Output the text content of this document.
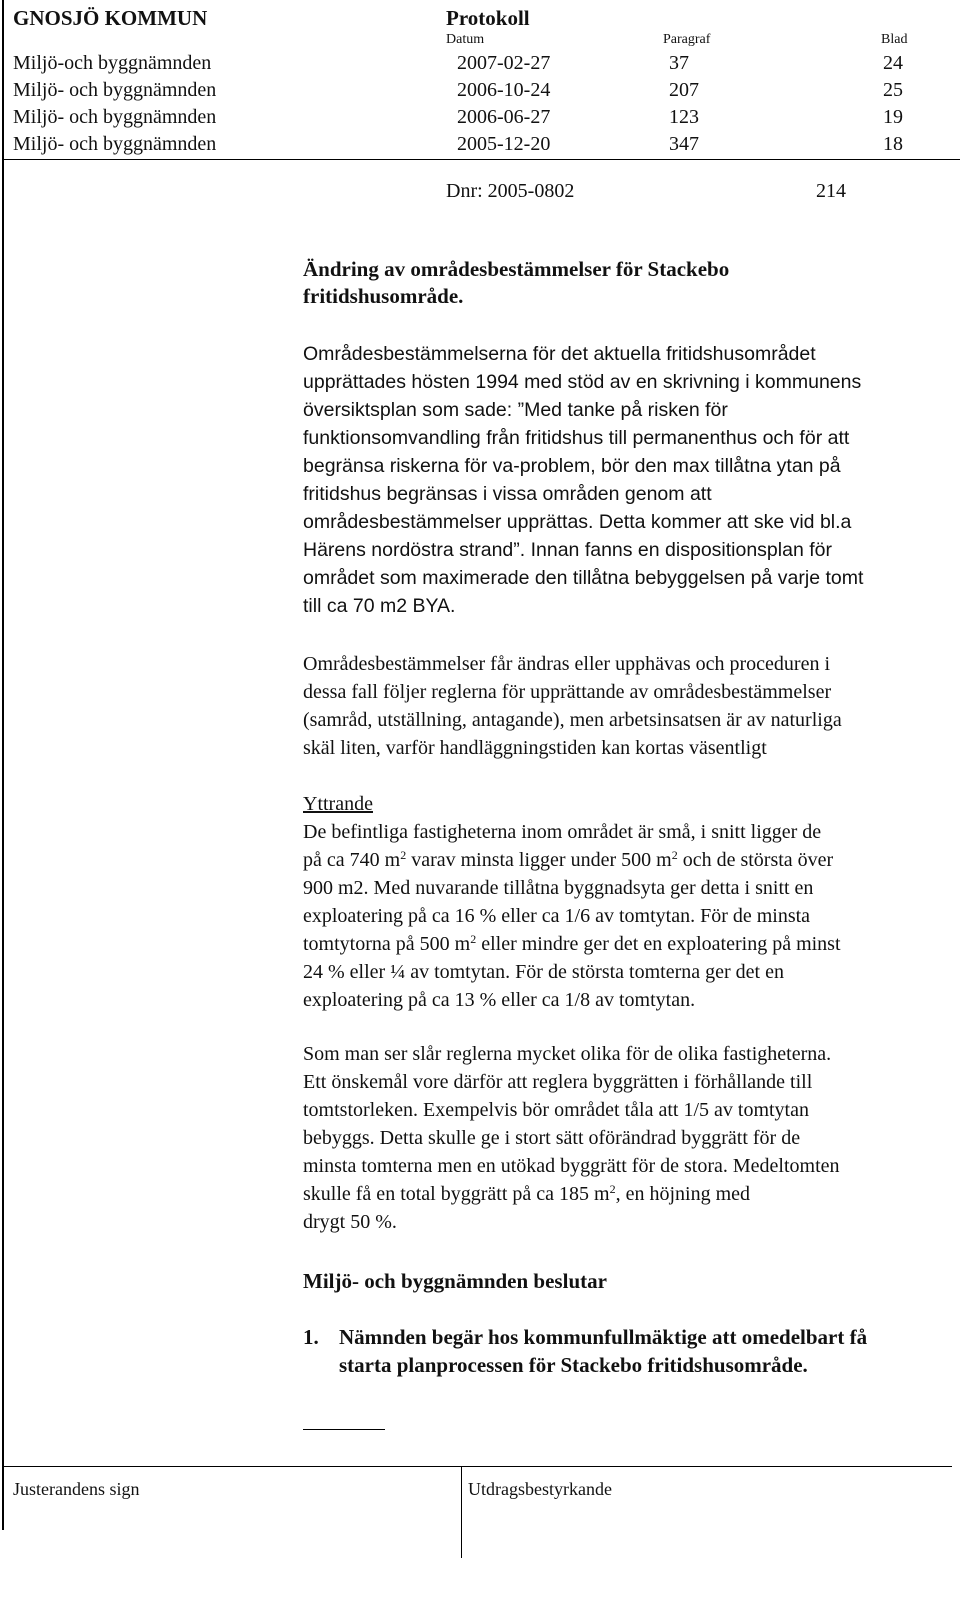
GNOSJÖ KOMMUN	Protokoll
Datum	Paragraf	Blad
Miljö-och byggnämnden	2007-02-27	37	24
Miljö- och byggnämnden	2006-10-24	207	25
Miljö- och byggnämnden	2006-06-27	123	19
Miljö- och byggnämnden	2005-12-20	347	18
Dnr: 2005-0802	214
Ändring av områdesbestämmelser för Stackebo
fritidshusområde.
Områdesbestämmelserna för det aktuella fritidshusområdet
upprättades hösten 1994 med stöd av en skrivning i kommunens
översiktsplan som sade: ”Med tanke på risken för
funktionsomvandling från fritidshus till permanenthus och för att
begränsa riskerna för va-problem, bör den max tillåtna ytan på
fritidshus begränsas i vissa områden genom att
områdesbestämmelser upprättas. Detta kommer att ske vid bl.a
Härens nordöstra strand”. Innan fanns en dispositionsplan för
området som maximerade den tillåtna bebyggelsen på varje tomt
till ca 70 m2 BYA.
Områdesbestämmelser får ändras eller upphävas och proceduren i
dessa fall följer reglerna för upprättande av områdesbestämmelser
(samråd, utställning, antagande), men arbetsinsatsen är av naturliga
skäl liten, varför handläggningstiden kan kortas väsentligt
Yttrande
De befintliga fastigheterna inom området är små, i snitt ligger de
på ca 740 $m^2$ varav minsta ligger under 500 $m^2$ och de största över
900 m2. Med nuvarande tillåtna byggnadsyta ger detta i snitt en
exploatering på ca 16 % eller ca 1/6 av tomtytan. För de minsta
tomtytorna på 500 $m^2$ eller mindre ger det en exploatering på minst
24 % eller ¼ av tomtytan. För de största tomterna ger det en
exploatering på ca 13 % eller ca 1/8 av tomtytan.
Som man ser slår reglerna mycket olika för de olika fastigheterna.
Ett önskemål vore därför att reglera byggrätten i förhållande till
tomtstorleken. Exempelvis bör området tåla att 1/5 av tomtytan
bebyggs. Detta skulle ge i stort sätt oförändrad byggrätt för de
minsta tomterna men en utökad byggrätt för de stora. Medeltomten
skulle få en total byggrätt på ca 185 $m^2$, en höjning med
drygt 50 %.
Miljö- och byggnämnden beslutar
1. Nämnden begär hos kommunfullmäktige att omedelbart få
starta planprocessen för Stackebo fritidshusområde.
Justerandens sign	Utdragsbestyrkande
